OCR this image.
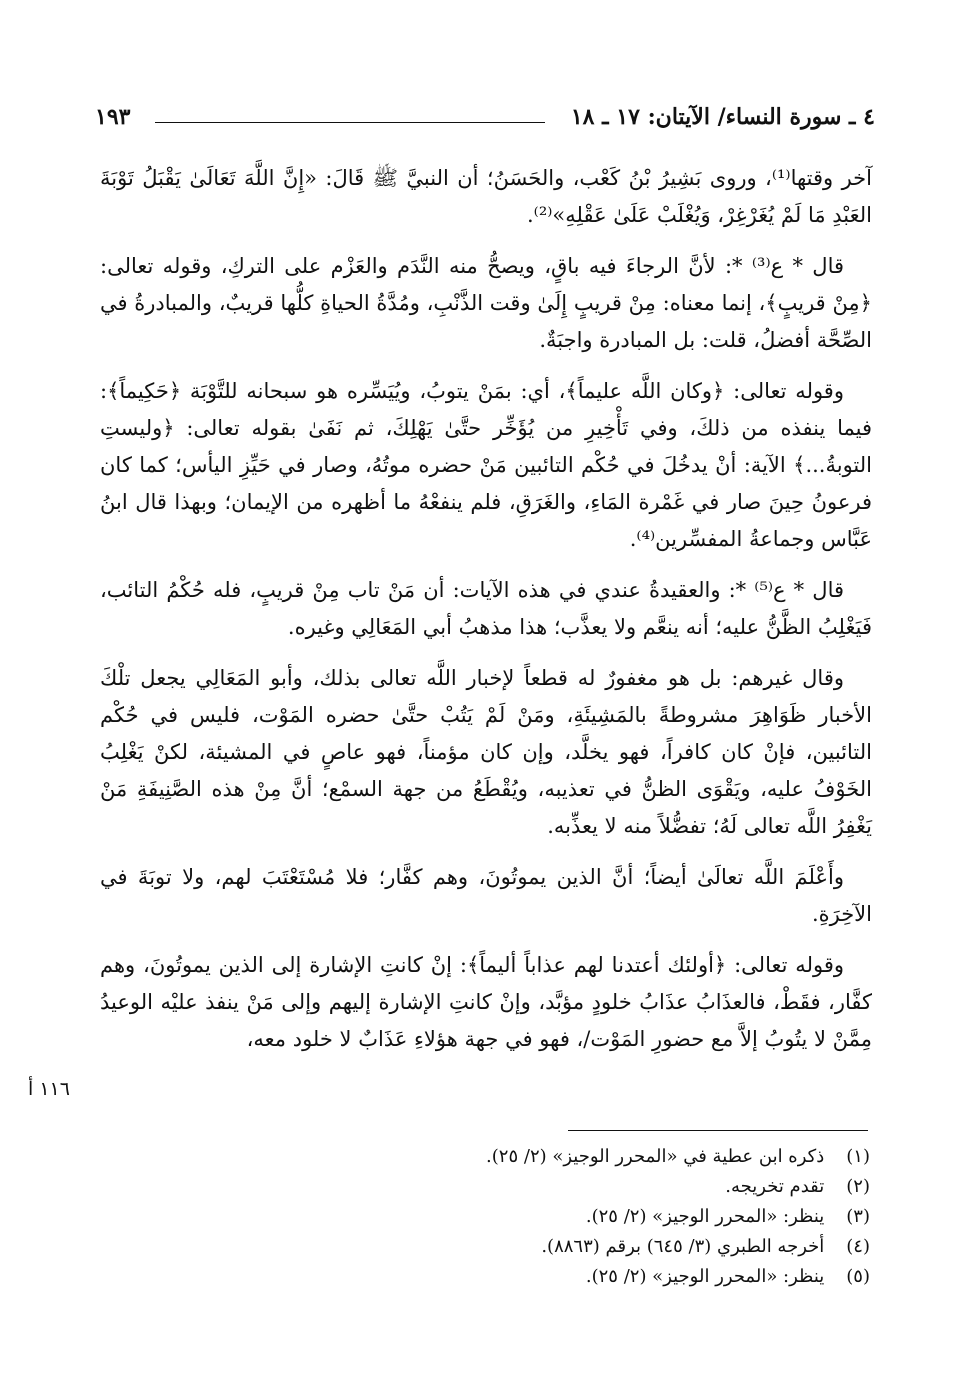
٤ ـ سورة النساء/ الآيتان: ١٧ ـ ١٨
١٩٣

آخر وقتها⁽¹⁾، وروى بَشِيرُ بْنُ كَعْب، والحَسَنُ؛ أن النبيَّ ﷺ قَالَ: «إِنَّ اللَّهَ تَعَالَىٰ يَقْبَلُ تَوْبَةَ العَبْدِ مَا لَمْ يُغَرْغِرْ، وَيُغْلَبْ عَلَىٰ عَقْلِهِ»⁽²⁾.

قال * ع⁽³⁾ *: لأنَّ الرجاءَ فيه باقٍ، ويصحُّ منه النَّدَم والعَزْم على التركِ، وقوله تعالى: ﴿مِنْ قريبٍ﴾، إنما معناه: مِنْ قريبٍ إِلَىٰ وقت الذَّنْبِ، ومُدَّةُ الحياةِ كلُّها قريبٌ، والمبادرةُ في الصِّحَّة أفضلُ، قلت: بل المبادرة واجبَةٌ.

وقوله تعالى: ﴿وكان اللَّه عليماً﴾، أي: بمَنْ يتوبُ، ويُيَسِّره هو سبحانه للتَّوْبَة ﴿حَكِيماً﴾: فيما ينفذه من ذلكَ، وفي تَأْخِيرِ من يُؤَخِّر حتَّىٰ يَهْلِكَ، ثم نَفَىٰ بقوله تعالى: ﴿وليستِ التوبةُ...﴾ الآية: أنْ يدخُلَ في حُكْم التائبين مَنْ حضره موتُهُ، وصار في حَيِّزِ اليأس؛ كما كان فرعونُ حِينَ صار في غَمْرة المَاءِ، والغَرَقِ، فلم ينفعْهُ ما أظهره من الإيمان؛ وبهذا قال ابنُ عَبَّاس وجماعةُ المفسِّرين⁽⁴⁾.

قال * ع⁽⁵⁾ *: والعقيدةُ عندي في هذه الآيات: أن مَنْ تاب مِنْ قريبٍ، فله حُكْمُ التائب، فَيَغْلِبُ الظَّنُّ عليه؛ أنه ينعَّم ولا يعذَّب؛ هذا مذهبُ أبي المَعَالِي وغيره.

وقال غيرهم: بل هو مغفورٌ له قطعاً لإخبار اللَّه تعالى بذلك، وأبو المَعَالِي يجعل تلْكَ الأخبار ظَوَاهِرَ مشروطةً بالمَشِيئَةِ، ومَنْ لَمْ يَتُبْ حتَّىٰ حضره المَوْت، فليس في حُكْم التائبين، فإنْ كان كافراً، فهو يخلَّد، وإن كان مؤمناً، فهو عاصٍ في المشيئة، لكنْ يَغْلِبُ الخَوْفُ عليه، ويَقْوَى الظنُّ في تعذيبه، ويُقْطَعُ من جهة السمْع؛ أنَّ مِنْ هذه الصَّنِيفَةِ مَنْ يَغْفِرُ اللَّه تعالى لَهُ؛ تفضُّلاً منه لا يعذِّبه.

وأَعْلَمَ اللَّه تعالَىٰ أيضاً؛ أنَّ الذين يموتُونَ، وهم كفَّار؛ فلا مُسْتَعْتَبَ لهم، ولا توبَةَ في الآخِرَةِ.

وقوله تعالى: ﴿أولئك أعتدنا لهم عذاباً أليماً﴾: إنْ كانتِ الإشارة إلى الذين يموتُونَ، وهم كفَّار، فقَطْ، فالعذَابُ عذَابُ خلودٍ مؤبَّد، وإنْ كانتِ الإشارة إليهم وإلى مَنْ ينفذ عليْه الوعيدُ مِمَّنْ لا يتُوبُ إلاَّ مع حضورِ المَوْت/، فهو في جهة هؤلاءِ عَذَابٌ لا خلود معه،

١١٦ أ
(١) ذكره ابن عطية في «المحرر الوجيز» (٢/ ٢٥).
(٢) تقدم تخريجه.
(٣) ينظر: «المحرر الوجيز» (٢/ ٢٥).
(٤) أخرجه الطبري (٣/ ٦٤٥) برقم (٨٨٦٣).
(٥) ينظر: «المحرر الوجيز» (٢/ ٢٥).
